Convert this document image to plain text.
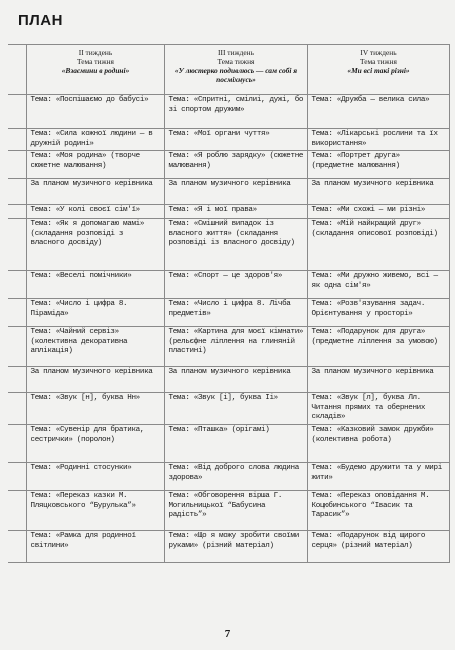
ПЛАН

	ІІ тиждень
Тема тижня
«Взаємини в родині»	ІІІ тиждень
Тема тижня
«У люстерко подивлюсь — сам собі я посміхнусь»	IV тиждень
Тема тижня
«Ми всі такі різні»

	Тема: «Поспішаємо до бабусі»	Тема: «Спритні, смілиі, дужі, бо зі спортом дружим»	Тема: «Дружба — велика сила»
	Тема: «Сила кожної людини — в дружній родині»	Тема: «Мої органи чуття»	Тема: «Лікарські рослини та їх використання»
	Тема: «Моя родина» (творче сюжетне малювання)	Тема: «Я роблю зарядку» (сюжетне малювання)	Тема: «Портрет друга» (предметне малювання)
	За планом музичного керівника	За планом музичного керівника	За планом музичного керівника
	Тема: «У колі своєї сім'ї»	Тема: «Я і мої права»	Тема: «Ми схожі — ми різні»
	Тема: «Як я допомагаю мамі» (складання розповіді з власного досвіду)	Тема: «Смішний випадок із власного життя» (складання розповіді із власного досвіду)	Тема: «Мій найкращий друг» (складання описової розповіді)
	Тема: «Веселі помічники»	Тема: «Спорт — це здоров'я»	Тема: «Ми дружно живемо, всі — як одна сім'я»
	Тема: «Число і цифра 8. Піраміда»	Тема: «Число і цифра 8. Лічба предметів»	Тема: «Розв'язування задач. Орієнтування у просторі»
	Тема: «Чайний сервіз» (колективна декоративна аплікація)	Тема: «Картина для моєї кімнати» (рельєфне ліплення на глиняній пластині)	Тема: «Подарунок для друга» (предметне ліплення за умовою)
	За планом музичного керівника	За планом музичного керівника	За планом музичного керівника
	Тема: «Звук [н], буква Нн»	Тема: «Звук [і], буква Іі»	Тема: «Звук [л], буква Лл. Читання прямих та обернених складів»
	Тема: «Сувенір для братика, сестрички» (поролон)	Тема: «Пташка» (орігамі)	Тема: «Казковий замок дружби» (колективна робота)
	Тема: «Родинні стосунки»	Тема: «Від доброго слова людина здорова»	Тема: «Будемо дружити та у мирі жити»
	Тема: «Переказ казки М. Пляцковського “Бурулька”»	Тема: «Обговорення вірша Г. Могильницької “Бабусина радість”»	Тема: «Переказ оповідання М. Коцюбинського “Івасик та Тарасик”»
	Тема: «Рамка для родинної світлини»	Тема: «Що я можу зробити своїми руками» (різний матеріал)	Тема: «Подарунок від щирого серця» (різний матеріал)
7
